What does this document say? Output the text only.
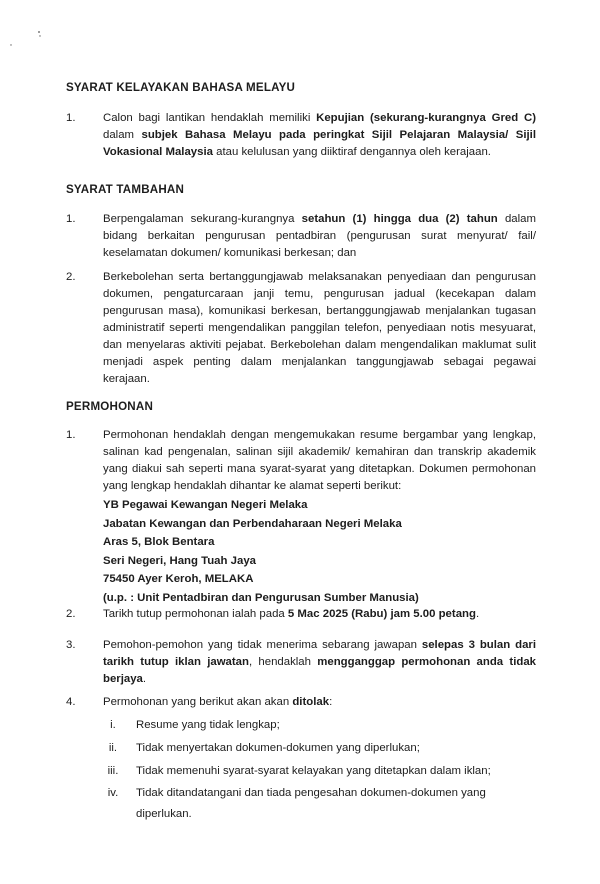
SYARAT KELAYAKAN BAHASA MELAYU
1. Calon bagi lantikan hendaklah memiliki Kepujian (sekurang-kurangnya Gred C) dalam subjek Bahasa Melayu pada peringkat Sijil Pelajaran Malaysia/ Sijil Vokasional Malaysia atau kelulusan yang diiktiraf dengannya oleh kerajaan.
SYARAT TAMBAHAN
1. Berpengalaman sekurang-kurangnya setahun (1) hingga dua (2) tahun dalam bidang berkaitan pengurusan pentadbiran (pengurusan surat menyurat/ fail/ keselamatan dokumen/ komunikasi berkesan; dan
2. Berkebolehan serta bertanggungjawab melaksanakan penyediaan dan pengurusan dokumen, pengaturcaraan janji temu, pengurusan jadual (kecekapan dalam pengurusan masa), komunikasi berkesan, bertanggungjawab menjalankan tugasan administratif seperti mengendalikan panggilan telefon, penyediaan notis mesyuarat, dan menyelaras aktiviti pejabat. Berkebolehan dalam mengendalikan maklumat sulit menjadi aspek penting dalam menjalankan tanggungjawab sebagai pegawai kerajaan.
PERMOHONAN
1. Permohonan hendaklah dengan mengemukakan resume bergambar yang lengkap, salinan kad pengenalan, salinan sijil akademik/ kemahiran dan transkrip akademik yang diakui sah seperti mana syarat-syarat yang ditetapkan. Dokumen permohonan yang lengkap hendaklah dihantar ke alamat seperti berikut:
YB Pegawai Kewangan Negeri Melaka
Jabatan Kewangan dan Perbendaharaan Negeri Melaka
Aras 5, Blok Bentara
Seri Negeri, Hang Tuah Jaya
75450 Ayer Keroh, MELAKA
(u.p. : Unit Pentadbiran dan Pengurusan Sumber Manusia)
2. Tarikh tutup permohonan ialah pada 5 Mac 2025 (Rabu) jam 5.00 petang.
3. Pemohon-pemohon yang tidak menerima sebarang jawapan selepas 3 bulan dari tarikh tutup iklan jawatan, hendaklah mengganggap permohonan anda tidak berjaya.
4. Permohonan yang berikut akan akan ditolak:
i.	Resume yang tidak lengkap;
ii.	Tidak menyertakan dokumen-dokumen yang diperlukan;
iii.	Tidak memenuhi syarat-syarat kelayakan yang ditetapkan dalam iklan;
iv.	Tidak ditandatangani dan tiada pengesahan dokumen-dokumen yang diperlukan.
